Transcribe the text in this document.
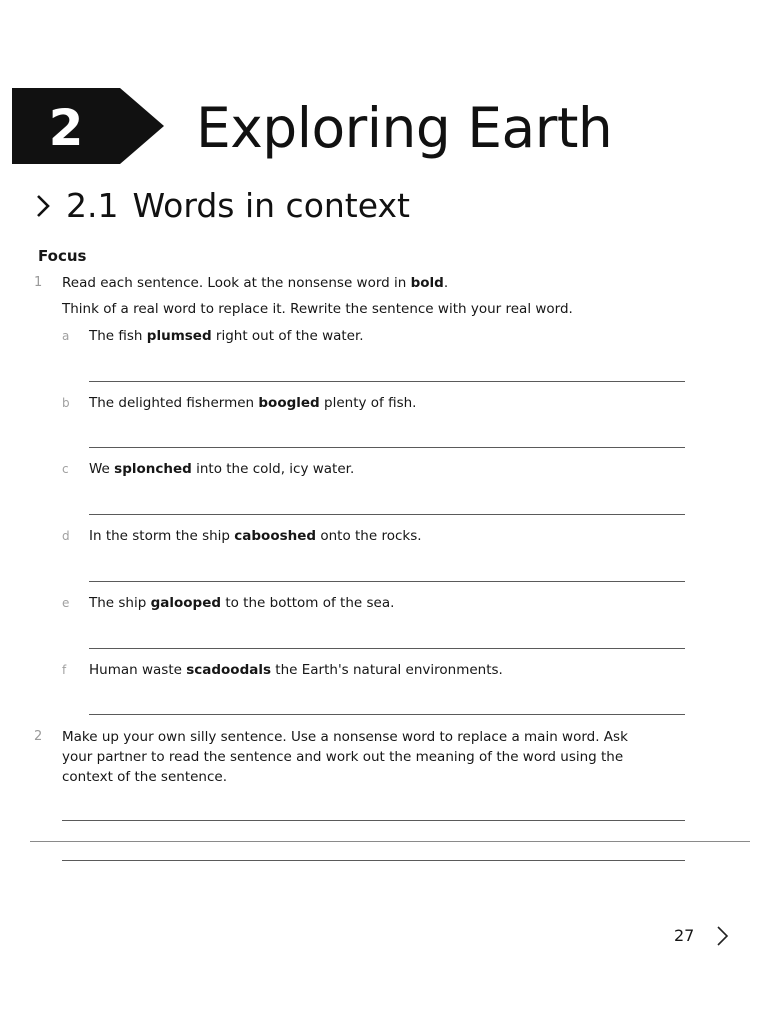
2	Exploring Earth
2.1 Words in context
Focus
1 Read each sentence. Look at the nonsense word in bold.
Think of a real word to replace it. Rewrite the sentence with your real word.
a The fish plumsed right out of the water.
b The delighted fishermen boogled plenty of fish.
c We splonched into the cold, icy water.
d In the storm the ship cabooshed onto the rocks.
e The ship galooped to the bottom of the sea.
f Human waste scadoodals the Earth's natural environments.
2 Make up your own silly sentence. Use a nonsense word to replace a main word. Ask your partner to read the sentence and work out the meaning of the word using the context of the sentence.
27
